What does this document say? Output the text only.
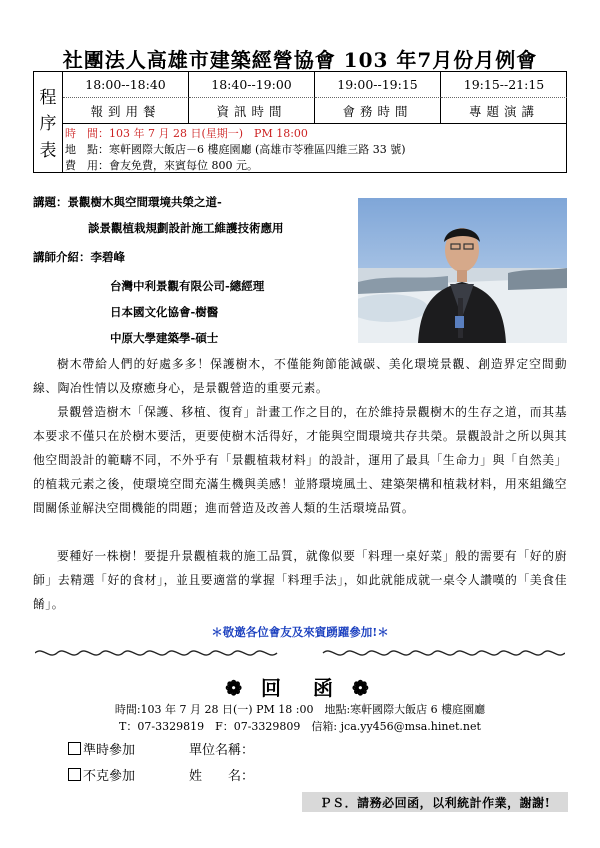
社團法人高雄市建築經營協會 103 年7月份月例會
程
序
表
18:00--18:40	18:40--19:00	19:00--19:15	19:15--21:15
報到用餐	資訊時間	會務時間	專題演講
時　間：103 年 7 月 28 日(星期一)　PM 18:00
地　點：寒軒國際大飯店－6 樓庭園廳 (高雄市苓雅區四維三路 33 號)
費　用：會友免費，來賓每位 800 元。
講題：景觀樹木與空間環境共榮之道-
談景觀植栽規劃設計施工維護技術應用
講師介紹：李碧峰
台灣中利景觀有限公司-總經理
日本國文化協會-樹醫
中原大學建築學-碩士
樹木帶給人們的好處多多！保護樹木，不僅能夠節能減碳、美化環境景觀、創造界定空間動線、陶冶性情以及療癒身心，是景觀營造的重要元素。
景觀營造樹木「保護、移植、復育」計畫工作之目的，在於維持景觀樹木的生存之道，而其基本要求不僅只在於樹木要活，更要使樹木活得好，才能與空間環境共存共榮。景觀設計之所以與其他空間設計的範疇不同，不外乎有「景觀植栽材料」的設計，運用了最具「生命力」與「自然美」的植栽元素之後，使環境空間充滿生機與美感！並將環境風土、建築架構和植栽材料，用來組織空間關係並解決空間機能的問題；進而營造及改善人類的生活環境品質。
要種好一株樹！要提升景觀植栽的施工品質，就像似要「料理一桌好菜」般的需要有「好的廚師」去精選「好的食材」，並且要適當的掌握「料理手法」，如此就能成就一桌令人讚嘆的「美食佳餚」。
＊敬邀各位會友及來賓踴躍參加!＊
❁ 回　函 ❁
時間:103 年 7 月 28 日(一) PM 18 :00　地點:寒軒國際大飯店 6 樓庭園廳
T：07-3329819　F：07-3329809　信箱: jca.yy456@msa.hinet.net
準時參加	單位名稱：
不克參加	姓　　名：
ＰＳ．請務必回函，以利統計作業，謝謝!
